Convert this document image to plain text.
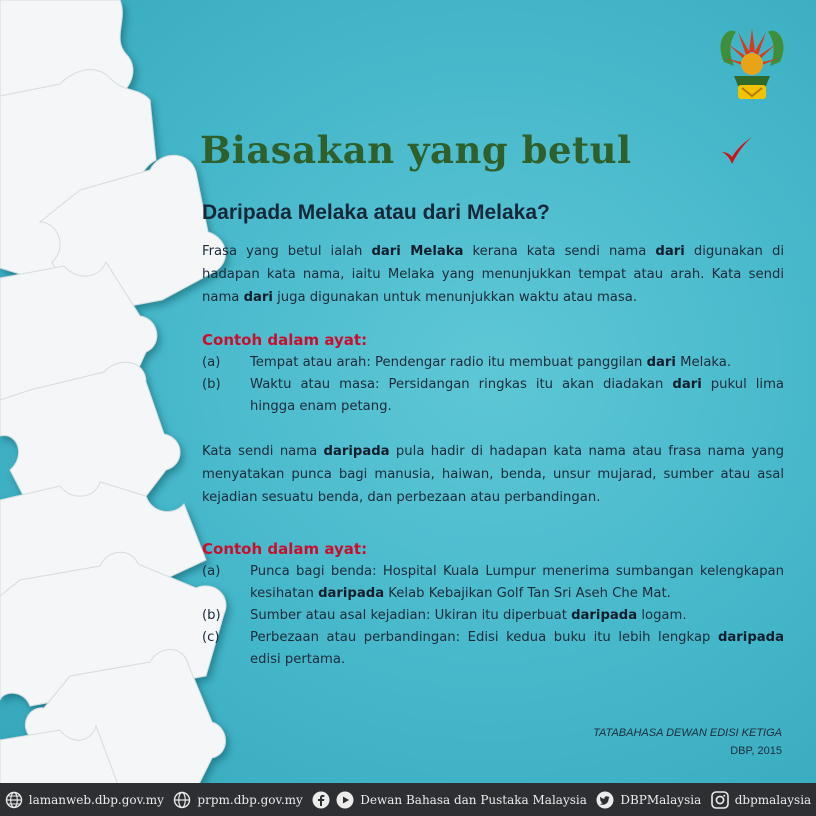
Biasakan yang betul
Daripada Melaka atau dari Melaka?

Frasa yang betul ialah dari Melaka kerana kata sendi nama dari digunakan di hadapan kata nama, iaitu Melaka yang menunjukkan tempat atau arah. Kata sendi nama dari juga digunakan untuk menunjukkan waktu atau masa.

Contoh dalam ayat:

(a)	Tempat atau arah: Pendengar radio itu membuat panggilan dari Melaka.
(b)	Waktu atau masa: Persidangan ringkas itu akan diadakan dari pukul lima hingga enam petang.

Kata sendi nama daripada pula hadir di hadapan kata nama atau frasa nama yang menyatakan punca bagi manusia, haiwan, benda, unsur mujarad, sumber atau asal kejadian sesuatu benda, dan perbezaan atau perbandingan.

Contoh dalam ayat:

(a)	Punca bagi benda: Hospital Kuala Lumpur menerima sumbangan kelengkapan kesihatan daripada Kelab Kebajikan Golf Tan Sri Aseh Che Mat.
(b)	Sumber atau asal kejadian: Ukiran itu diperbuat daripada logam.
(c)	Perbezaan atau perbandingan: Edisi kedua buku itu lebih lengkap daripada edisi pertama.
TATABAHASA DEWAN EDISI KETIGA
DBP, 2015
lamanweb.dbp.gov.my	prpm.dbp.gov.my	Dewan Bahasa dan Pustaka Malaysia	DBPMalaysia	dbpmalaysia
